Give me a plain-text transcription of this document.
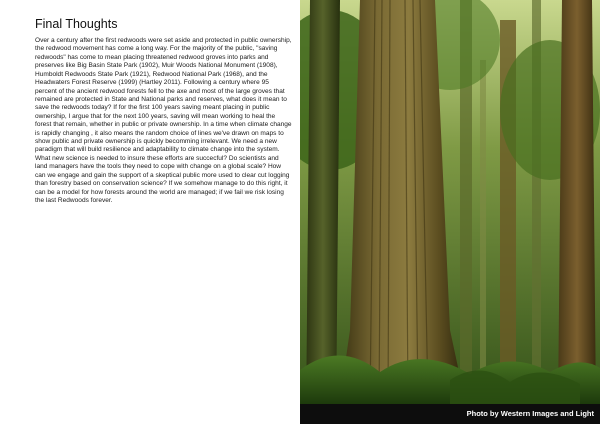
Final Thoughts

Over a century after the first redwoods were set aside and protected in public ownership, the redwood movement has come a long way. For the majority of the public, "saving redwoods" has come to mean placing threatened redwood groves into parks and preserves like Big Basin State Park (1902), Muir Woods National Monument (1908), Humboldt Redwoods State Park (1921), Redwood National Park (1968), and the Headwaters Forest Reserve (1999) (Hartley 2011). Following a century where 95 percent of the ancient redwood forests fell to the axe and most of the large groves that remained are protected in State and National parks and reserves, what does it mean to save the redwoods today? If for the first 100 years saving meant placing in public ownership, I argue that for the next 100 years, saving will mean working to heal the forest that remain, whether in public or private ownership. In a time when climate change is rapidly changing , it also means the random choice of lines we've drawn on maps to show public and private ownership is quickly becomming irrelevant. We need a new paradigm that will build resilience and adaptability to climate change into the system. What new science is needed to insure these efforts are succecful? Do scientists and land managers have the tools they need to cope with change on a global scale? How can we engage and gain the support of a skeptical public more used to clear cut logging than forestry based on conservation science? If we somehow manage to do this right, it can be a model for how forests around the world are managed; if we fail we risk losing the last Redwoods forever.

Photo by Western Images and Light
